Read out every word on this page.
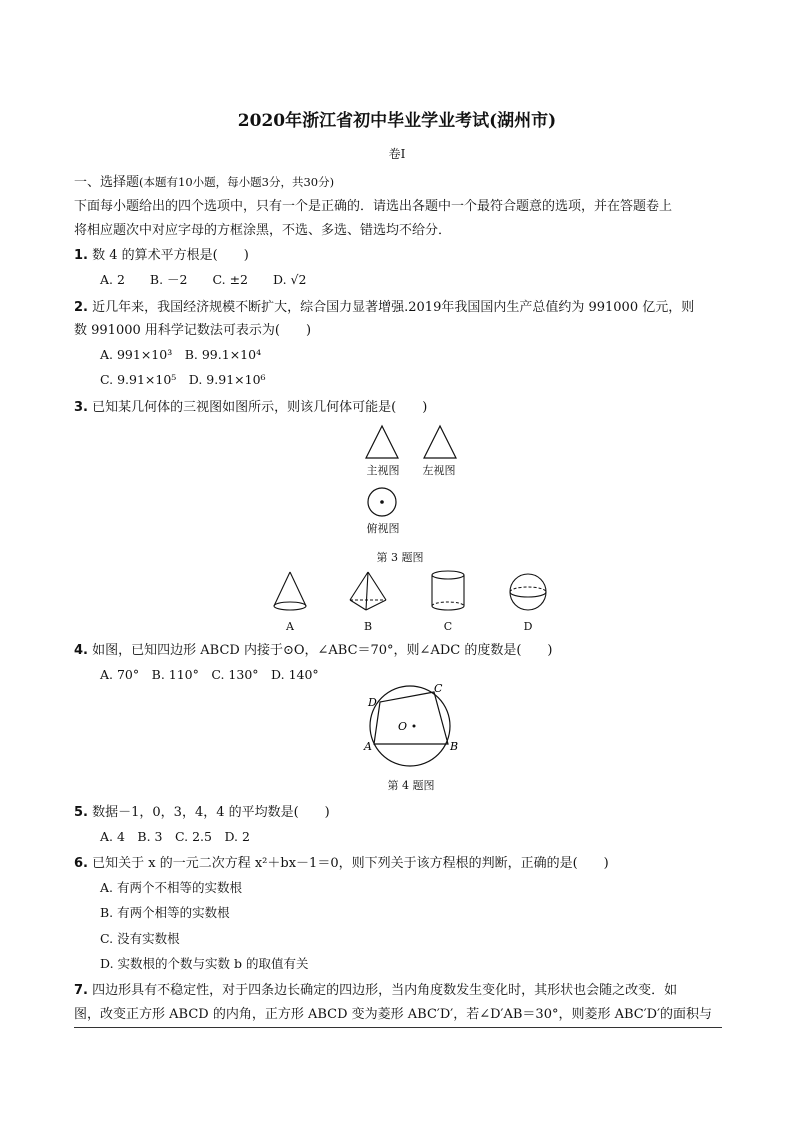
2020年浙江省初中毕业学业考试(湖州市)
卷Ⅰ
一、选择题(本题有10小题，每小题3分，共30分)
下面每小题给出的四个选项中，只有一个是正确的．请选出各题中一个最符合题意的选项，并在答题卷上
将相应题次中对应字母的方框涂黑，不选、多选、错选均不给分．
1. 数 4 的算术平方根是(　　)
A. 2　　B. －2　　C. ±2　　D. √2
2. 近几年来，我国经济规模不断扩大，综合国力显著增强.2019年我国国内生产总值约为 991000 亿元，则
数 991000 用科学记数法可表示为(　　)
A. 991×10³　B. 99.1×10⁴
C. 9.91×10⁵　D. 9.91×10⁶
3. 已知某几何体的三视图如图所示，则该几何体可能是(　　)
主视图	左视图
俯视图
第 3 题图
A	B	C	D
4. 如图，已知四边形 ABCD 内接于⊙O，∠ABC＝70°，则∠ADC 的度数是(　　)
A. 70°　B. 110°　C. 130°　D. 140°
A	B
C
D
O
第 4 题图
5. 数据－1，0，3，4，4 的平均数是(　　)
A. 4　B. 3　C. 2.5　D. 2
6. 已知关于 x 的一元二次方程 x²＋bx－1＝0，则下列关于该方程根的判断，正确的是(　　)
A. 有两个不相等的实数根
B. 有两个相等的实数根
C. 没有实数根
D. 实数根的个数与实数 b 的取值有关
7. 四边形具有不稳定性，对于四条边长确定的四边形，当内角度数发生变化时，其形状也会随之改变．如
图，改变正方形 ABCD 的内角，正方形 ABCD 变为菱形 ABC′D′，若∠D′AB＝30°，则菱形 ABC′D′的面积与
